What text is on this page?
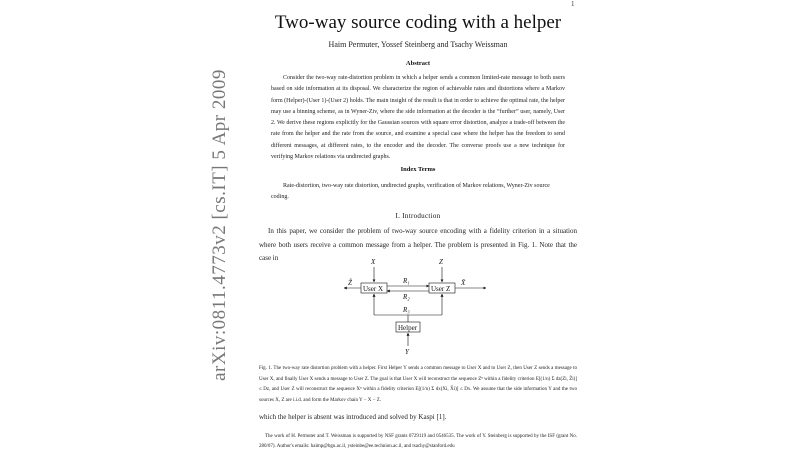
arXiv:0811.4773v2 [cs.IT] 5 Apr 2009
1
Two-way source coding with a helper
Haim Permuter, Yossef Steinberg and Tsachy Weissman
Abstract
Consider the two-way rate-distortion problem in which a helper sends a common limited-rate message to both users based on side information at its disposal. We characterize the region of achievable rates and distortions where a Markov form (Helper)-(User 1)-(User 2) holds. The main insight of the result is that in order to achieve the optimal rate, the helper may use a binning scheme, as in Wyner-Ziv, where the side information at the decoder is the “further” user, namely, User 2. We derive these regions explicitly for the Gaussian sources with square error distortion, analyze a trade-off between the rate from the helper and the rate from the source, and examine a special case where the helper has the freedom to send different messages, at different rates, to the encoder and the decoder. The converse proofs use a new technique for verifying Markov relations via undirected graphs.
Index Terms
Rate-distortion, two-way rate distortion, undirected graphs, verification of Markov relations, Wyner-Ziv source coding.
I. Introduction
In this paper, we consider the problem of two-way source encoding with a fidelity criterion in a situation where both users receive a common message from a helper. The problem is presented in Fig. 1. Note that the case in	X	Z
User X	User Z
Ẑ	X̂
R₁
R₂
R₃
Helper
Y
Fig. 1. The two-way rate distortion problem with a helper. First Helper Y sends a common message to User X and to User Z, then User Z sends a message to User X, and finally User X sends a message to User Z. The goal is that User X will reconstruct the sequence Zⁿ within a fidelity criterion E[(1/n) Σ dz(Zi, Ẑi)] ≤ Dz, and User Z will reconstruct the sequence Xⁿ within a fidelity criterion E[(1/n) Σ dx(Xi, X̂i)] ≤ Dx. We assume that the side information Y and the two sources X, Z are i.i.d. and form the Markov chain Y − X − Z.
which the helper is absent was introduced and solved by Kaspi [1].
The work of H. Permuter and T. Weissman is supported by NSF grants 0729119 and 0546535. The work of Y. Steinberg is supported by the ISF (grant No. 280/07). Author's emails: haimp@bgu.ac.il, ysteinbe@ee.technion.ac.il, and tsachy@stanford.edu
